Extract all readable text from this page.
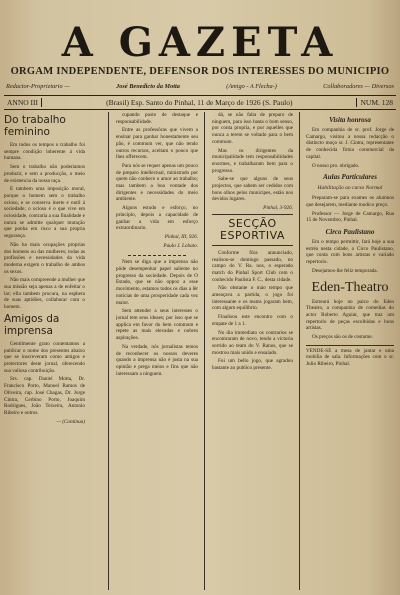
A GAZETA
ORGAM INDEPENDENTE, DEFENSOR DOS INTERESSES DO MUNICIPIO
Redactor-Proprietario —	José Benedicto da Motta	(Amigo - A Flecha-)	Collaboradores — Diversos
ANNO III	(Brasil) Esp. Santo do Pinhal, 11 de Março de 1926 (S. Paulo)	NUM. 128
Do trabalho feminino

Em todos os tempos o trabalho foi sempre condição inherente á vida humana.

Sem o trabalho não poderiamos produzir, e sem a producção, o meio de existencia da nossa raça.

E tambem uma imposição moral, porque o homem sem o trabalho ocioso, e se conserva inerte e nutil á sociedade; o ocioso é o que vive em ociosidade, contraria a sua finalidade e nunca se admitte qualquer mutação que ponha em risco a sua propria segurança.

Não ha mais ocupações proprias dos homens ou das mulheres; todas as profissões e necessidades da vida moderna exigem o trabalho de ambos os sexos.

Não mais compreende a mulher que sua missão seja apenas a de enfeitar o lar; ella tambem procura, na esphera de suas aptidões, collaborar com o homem.

Amigos da imprensa

Gentilmente grato contentamos a publicar o nome dos presentes abaixo que se inscreveram como amigos e protectores deste jornal, oferecendo sua valiosa contribuição.

Srs. cap. Daniel Motta, Dr. Francisco Porto, Manoel Ramos de Oliveira, cap. José Chagas, Dr. Jorge Cintra, Cerbino Porto, Joaquim Rodrigues, João Teixeira, Antonio Ribeiro e outros.

— (Continua)

cupando posto de destaque e responsabilidade.

Entre as professôras que vivem a ensinar para ganhar honestamente seu pão, é commum ver, que não tendo outros recursos, aceitam o pouco que lhes offerecem.

Para nós se requer apenas um pouco de preparo intellectual, ministrado por quem não conhece o amor ao trabalho; mas tambem a boa vontade dos dirigentes e necessidades do meio ambiente.

Alguns estudo e esforço, no principio, depois a capacidade de ganhar a vida em esforço extraordinario.

Pinhal, III, 926.
Paulo J. Lobato.

Nem se diga que a imprensa não pôde desempenhar papel saliente no progresso da sociedade. Depois de O Estado, que se não oppoz a esse movimento, estamos todos os dias a lêr noticias de uma prosperidade cada vez maior.

Sem attender a seus interesses o jornal tem seus ideaes; por isso que se applica em favor do bem commum e repete as mais elevadas e nobres aspirações.

Na verdade, nós jornalistas temos de reconhecer os nossos deveres quando a imprensa não é justa na sua opinião e prega meios e fins que não interessam a ninguem.

dá, se não falta de preparo de ninguem, para isso basta o bom senso, por conta propria, e por aquelles que nunca a terem se voltado para o bem commum.

Mas os dirigentes da municipalidade tem responsabilidades enormes, e trabalharam bem para o progresso.

Sabe-se que alguns de seus projectos, que sabem ser cedidos com bons olhos pelos municipes, estão nos devidos lugares.

Pinhal, 3-926.
SECÇÃO ESPORTIVA

Conforme fôra annunciado, realisou-se domingo passado, no campo do V. Ra. nos, o esperado match do Pinhal Sport Club com o conhecido Paulista F. C., desta cidade.

Não obstante o máo tempo que ameaçava a partida, o jogo foi interessante e os teams jogaram bem, com algum equilibrio.

Finalisou este encontro com o empate de 1 a 1.

No dia immediato os contrarios se encontraram de novo, tendo a victoria sorrido ao team do V. Ranos, que se mostrou mais unido e ensaiado.

Foi um bello jogo, que agradou bastante ao publico presente.

Visita honrosa

Em companhia de sr. prof. Jorge de Camargo, visitou a nossa redacção o distincto moço sr. J. Cintra, representante de conhecida firma commercial da capital.

O nosso pro. obrigado.

Aulas Particulares
Habilitação ao curso Normal

Preparam-se para exames os alumnos que desejarem, mediante modico preço.

Professor — Jorge de Camargo, Rua 15 de Novembro, Pinhal.

Circo Paulistano

Em o tempo permittir, fará hoje a sua estréa nesta cidade, o Circo Paulistano, que conta com bons artistas e variado repertorio.

Desejamos-lhe feliz temporada.

Eden-Theatro

Estreará hoje no palco do Eden Theatro, a companhia de comedias do actor Roberto Aguiar, que traz um repertorio de peças escolhidas e bons artistas.

Os preços são os de costume.

VENDE-SE a mesa de jantar e uma mobilia de sala. Informações com o sr. Julio Ribeiro, Pinhal.
